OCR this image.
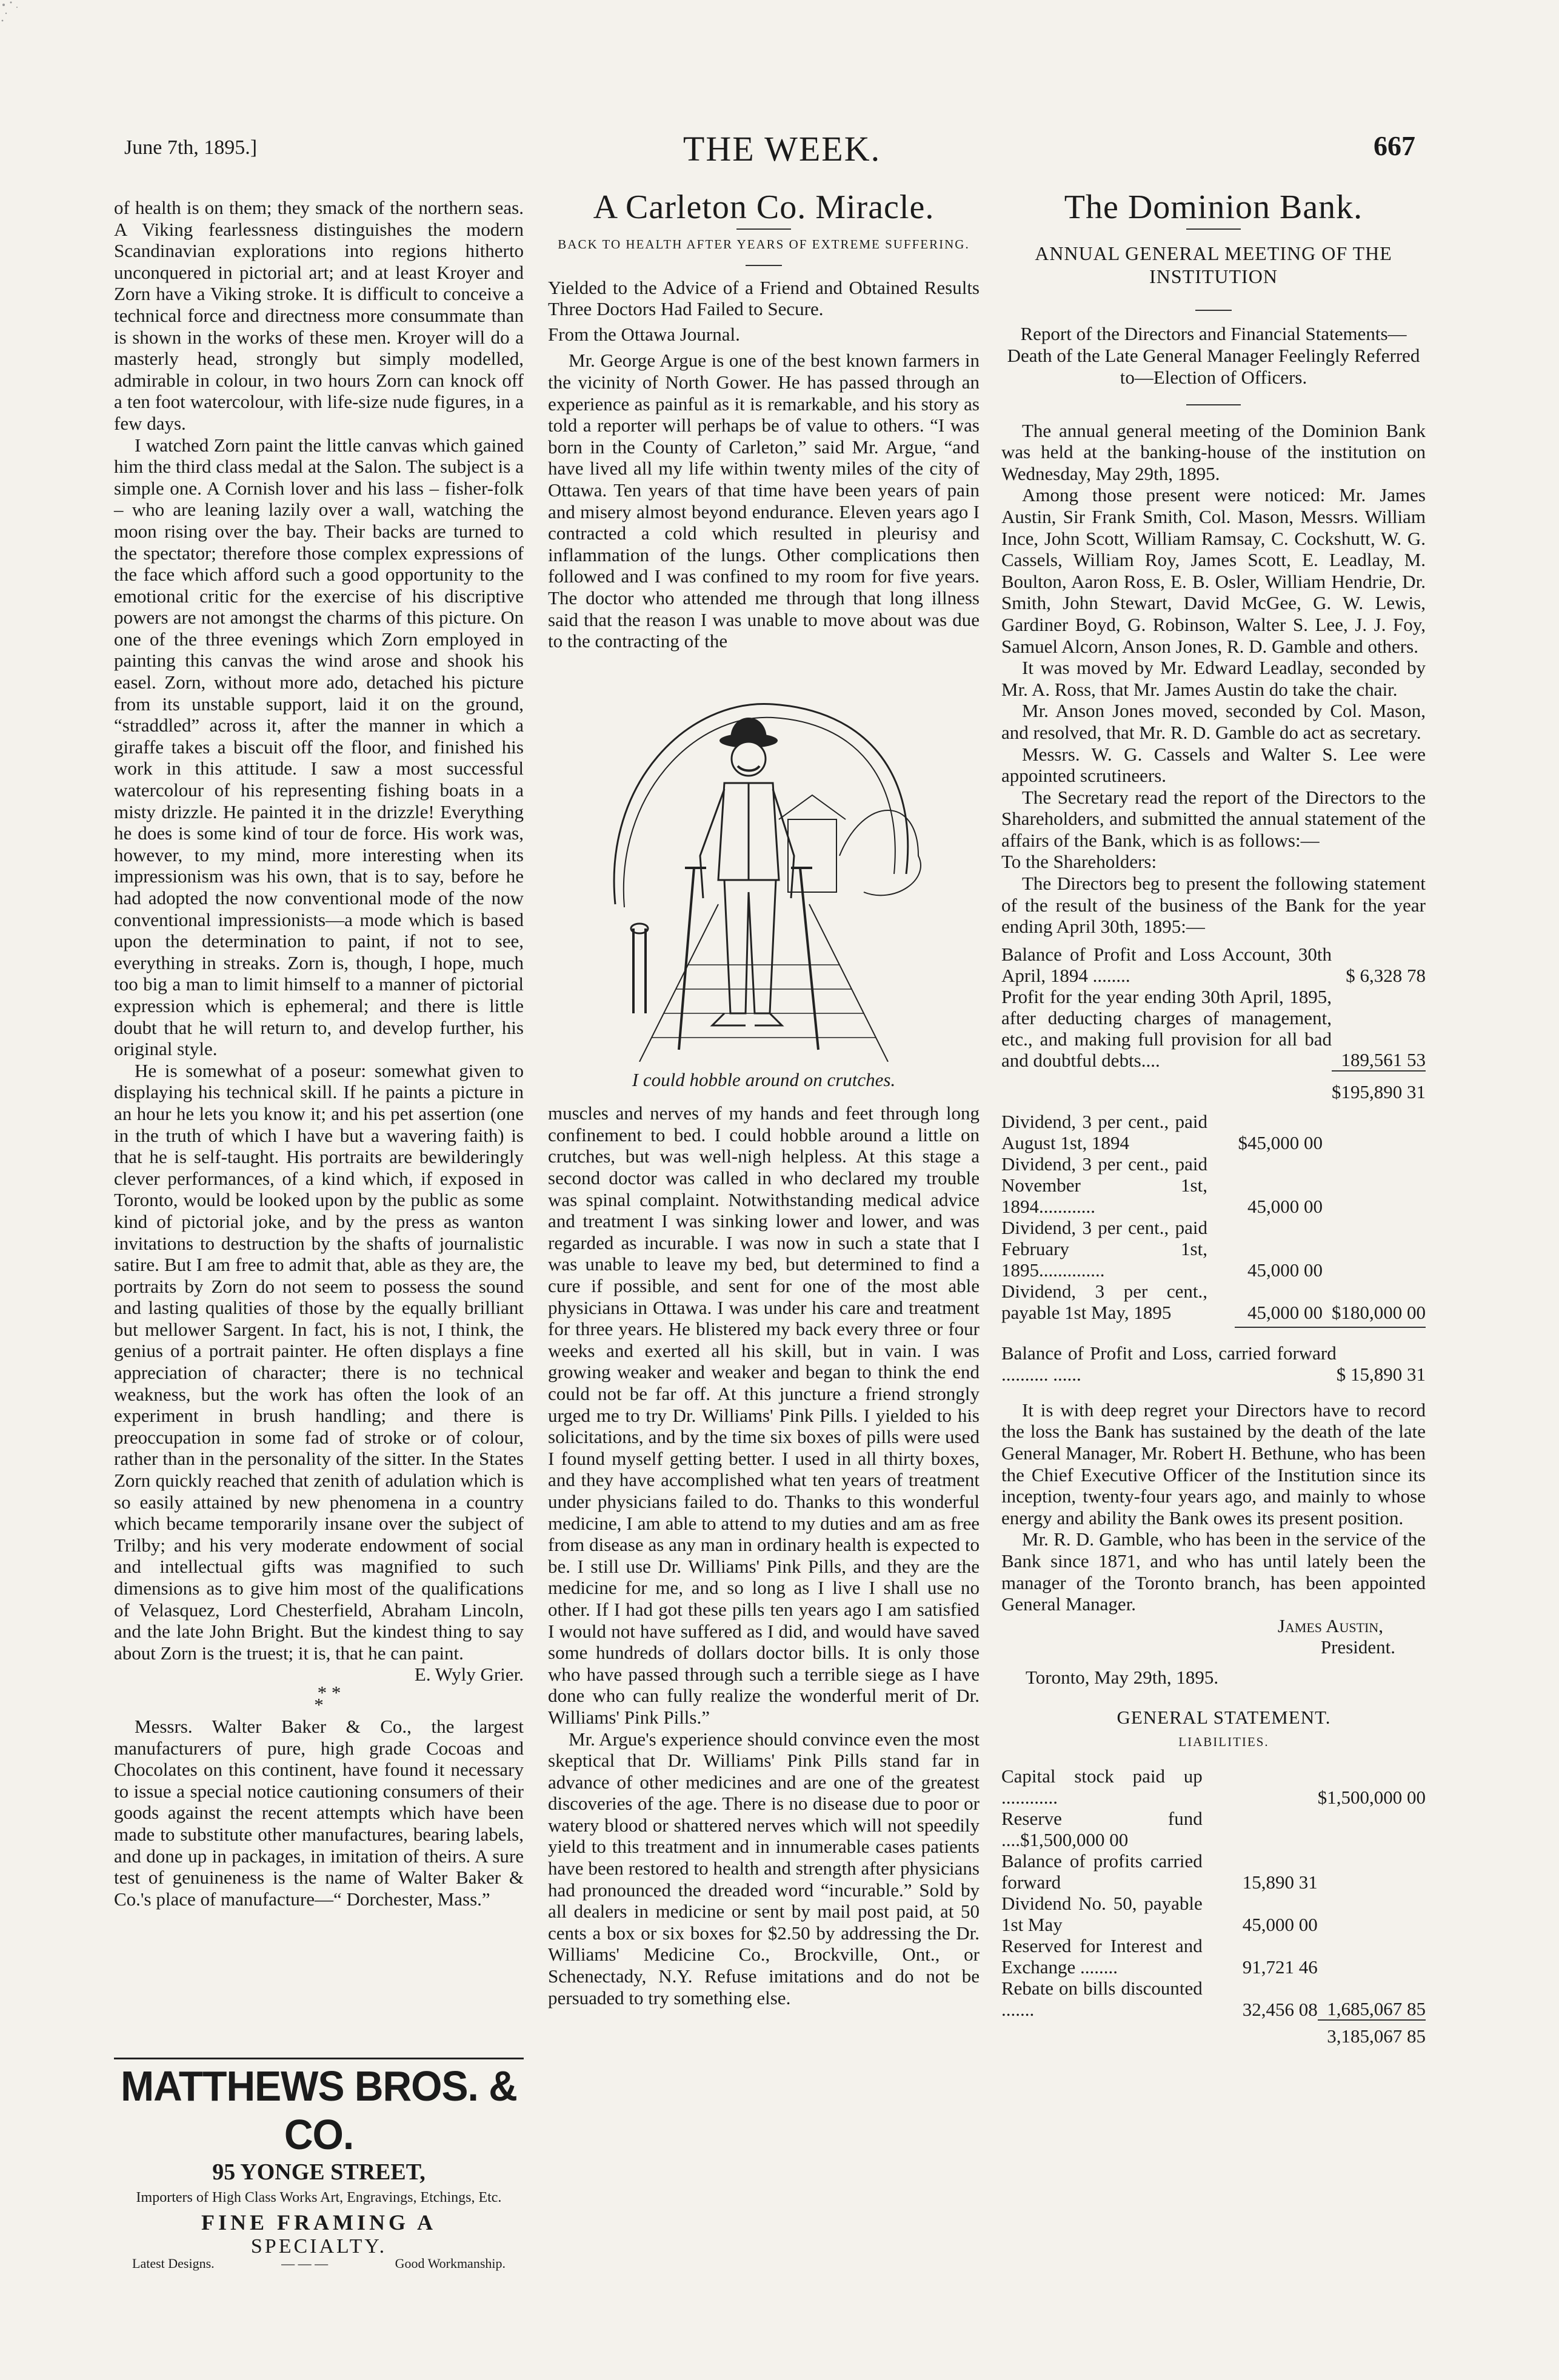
June 7th, 1895.]	THE WEEK.	667

of health is on them; they smack of the northern seas. A Viking fearlessness distinguishes the modern Scandinavian explorations into regions hitherto unconquered in pictorial art; and at least Kroyer and Zorn have a Viking stroke. It is difficult to conceive a technical force and directness more consummate than is shown in the works of these men. Kroyer will do a masterly head, strongly but simply modelled, admirable in colour, in two hours Zorn can knock off a ten foot watercolour, with life-size nude figures, in a few days.

I watched Zorn paint the little canvas which gained him the third class medal at the Salon. The subject is a simple one. A Cornish lover and his lass – fisher-folk – who are leaning lazily over a wall, watching the moon rising over the bay. Their backs are turned to the spectator; therefore those complex expressions of the face which afford such a good opportunity to the emotional critic for the exercise of his discriptive powers are not amongst the charms of this picture. On one of the three evenings which Zorn employed in painting this canvas the wind arose and shook his easel. Zorn, without more ado, detached his picture from its unstable support, laid it on the ground, “straddled” across it, after the manner in which a giraffe takes a biscuit off the floor, and finished his work in this attitude. I saw a most successful watercolour of his representing fishing boats in a misty drizzle. He painted it in the drizzle! Everything he does is some kind of tour de force. His work was, however, to my mind, more interesting when its impressionism was his own, that is to say, before he had adopted the now conventional mode of the now conventional impressionists—a mode which is based upon the determination to paint, if not to see, everything in streaks. Zorn is, though, I hope, much too big a man to limit himself to a manner of pictorial expression which is ephemeral; and there is little doubt that he will return to, and develop further, his original style.

He is somewhat of a poseur: somewhat given to displaying his technical skill. If he paints a picture in an hour he lets you know it; and his pet assertion (one in the truth of which I have but a wavering faith) is that he is self-taught. His portraits are bewilderingly clever performances, of a kind which, if exposed in Toronto, would be looked upon by the public as some kind of pictorial joke, and by the press as wanton invitations to destruction by the shafts of journalistic satire. But I am free to admit that, able as they are, the portraits by Zorn do not seem to possess the sound and lasting qualities of those by the equally brilliant but mellower Sargent. In fact, his is not, I think, the genius of a portrait painter. He often displays a fine appreciation of character; there is no technical weakness, but the work has often the look of an experiment in brush handling; and there is preoccupation in some fad of stroke or of colour, rather than in the personality of the sitter. In the States Zorn quickly reached that zenith of adulation which is so easily attained by new phenomena in a country which became temporarily insane over the subject of Trilby; and his very moderate endowment of social and intellectual gifts was magnified to such dimensions as to give him most of the qualifications of Velasquez, Lord Chesterfield, Abraham Lincoln, and the late John Bright. But the kindest thing to say about Zorn is the truest; it is, that he can paint.

E. Wyly Grier.

* *
*

Messrs. Walter Baker & Co., the largest manufacturers of pure, high grade Cocoas and Chocolates on this continent, have found it necessary to issue a special notice cautioning consumers of their goods against the recent attempts which have been made to substitute other manufactures, bearing labels, and done up in packages, in imitation of theirs. A sure test of genuineness is the name of Walter Baker & Co.'s place of manufacture—“ Dorchester, Mass.”

MATTHEWS BROS. & CO.
95 YONGE STREET,
Importers of High Class Works Art, Engravings, Etchings, Etc.
FINE FRAMING A
SPECIALTY.
Latest Designs.	— — —	Good Workmanship.
A Carleton Co. Miracle.
BACK TO HEALTH AFTER YEARS OF EXTREME SUFFERING.

Yielded to the Advice of a Friend and Obtained Results Three Doctors Had Failed to Secure.

From the Ottawa Journal.

Mr. George Argue is one of the best known farmers in the vicinity of North Gower. He has passed through an experience as painful as it is remarkable, and his story as told a reporter will perhaps be of value to others. “I was born in the County of Carleton,” said Mr. Argue, “and have lived all my life within twenty miles of the city of Ottawa. Ten years of that time have been years of pain and misery almost beyond endurance. Eleven years ago I contracted a cold which resulted in pleurisy and inflammation of the lungs. Other complications then followed and I was confined to my room for five years. The doctor who attended me through that long illness said that the reason I was unable to move about was due to the contracting of the

I could hobble around on crutches.

muscles and nerves of my hands and feet through long confinement to bed. I could hobble around a little on crutches, but was well-nigh helpless. At this stage a second doctor was called in who declared my trouble was spinal complaint. Notwithstanding medical advice and treatment I was sinking lower and lower, and was regarded as incurable. I was now in such a state that I was unable to leave my bed, but determined to find a cure if possible, and sent for one of the most able physicians in Ottawa. I was under his care and treatment for three years. He blistered my back every three or four weeks and exerted all his skill, but in vain. I was growing weaker and weaker and began to think the end could not be far off. At this juncture a friend strongly urged me to try Dr. Williams' Pink Pills. I yielded to his solicitations, and by the time six boxes of pills were used I found myself getting better. I used in all thirty boxes, and they have accomplished what ten years of treatment under physicians failed to do. Thanks to this wonderful medicine, I am able to attend to my duties and am as free from disease as any man in ordinary health is expected to be. I still use Dr. Williams' Pink Pills, and they are the medicine for me, and so long as I live I shall use no other. If I had got these pills ten years ago I am satisfied I would not have suffered as I did, and would have saved some hundreds of dollars doctor bills. It is only those who have passed through such a terrible siege as I have done who can fully realize the wonderful merit of Dr. Williams' Pink Pills.”

Mr. Argue's experience should convince even the most skeptical that Dr. Williams' Pink Pills stand far in advance of other medicines and are one of the greatest discoveries of the age. There is no disease due to poor or watery blood or shattered nerves which will not speedily yield to this treatment and in innumerable cases patients have been restored to health and strength after physicians had pronounced the dreaded word “incurable.” Sold by all dealers in medicine or sent by mail post paid, at 50 cents a box or six boxes for $2.50 by addressing the Dr. Williams' Medicine Co., Brockville, Ont., or Schenectady, N.Y. Refuse imitations and do not be persuaded to try something else.

The Dominion Bank.
ANNUAL GENERAL MEETING OF THE INSTITUTION
Report of the Directors and Financial Statements—Death of the Late General Manager Feelingly Referred to—Election of Officers.

The annual general meeting of the Dominion Bank was held at the banking-house of the institution on Wednesday, May 29th, 1895.

Among those present were noticed: Mr. James Austin, Sir Frank Smith, Col. Mason, Messrs. William Ince, John Scott, William Ramsay, C. Cockshutt, W. G. Cassels, William Roy, James Scott, E. Leadlay, M. Boulton, Aaron Ross, E. B. Osler, William Hendrie, Dr. Smith, John Stewart, David McGee, G. W. Lewis, Gardiner Boyd, G. Robinson, Walter S. Lee, J. J. Foy, Samuel Alcorn, Anson Jones, R. D. Gamble and others.

It was moved by Mr. Edward Leadlay, seconded by Mr. A. Ross, that Mr. James Austin do take the chair.

Mr. Anson Jones moved, seconded by Col. Mason, and resolved, that Mr. R. D. Gamble do act as secretary.

Messrs. W. G. Cassels and Walter S. Lee were appointed scrutineers.

The Secretary read the report of the Directors to the Shareholders, and submitted the annual statement of the affairs of the Bank, which is as follows:—

To the Shareholders:

The Directors beg to present the following statement of the result of the business of the Bank for the year ending April 30th, 1895:—

Balance of Profit and Loss Account, 30th April, 1894 ........	$ 6,328 78
Profit for the year ending 30th April, 1895, after deducting charges of management, etc., and making full provision for all bad and doubtful debts....	189,561 53
	$195,890 31
Dividend, 3 per cent., paid August 1st, 1894	$45,000 00	
Dividend, 3 per cent., paid November 1st, 1894............	45,000 00	
Dividend, 3 per cent., paid February 1st, 1895..............	45,000 00	
Dividend, 3 per cent., payable 1st May, 1895	45,000 00	$180,000 00
Balance of Profit and Loss, carried forward .......... ......	$ 15,890 31

It is with deep regret your Directors have to record the loss the Bank has sustained by the death of the late General Manager, Mr. Robert H. Bethune, who has been the Chief Executive Officer of the Institution since its inception, twenty-four years ago, and mainly to whose energy and ability the Bank owes its present position.

Mr. R. D. Gamble, who has been in the service of the Bank since 1871, and who has until lately been the manager of the Toronto branch, has been appointed General Manager.

James Austin,

President.

Toronto, May 29th, 1895.

GENERAL STATEMENT.

LIABILITIES.

Capital stock paid up ............		$1,500,000 00
Reserve fund ....$1,500,000 00		
Balance of profits carried forward	15,890 31	
Dividend No. 50, payable 1st May	45,000 00	
Reserved for Interest and Exchange ........	91,721 46	
Rebate on bills discounted .......	32,456 08	1,685,067 85
		3,185,067 85
